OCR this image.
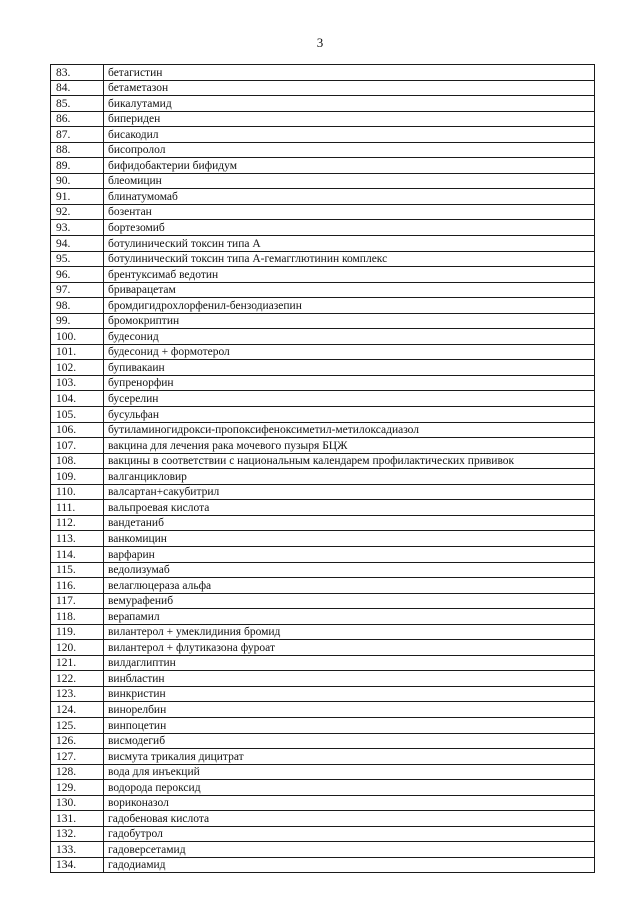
3
83.	бетагистин
84.	бетаметазон
85.	бикалутамид
86.	бипериден
87.	бисакодил
88.	бисопролол
89.	бифидобактерии бифидум
90.	блеомицин
91.	блинатумомаб
92.	бозентан
93.	бортезомиб
94.	ботулинический токсин типа А
95.	ботулинический токсин типа А-гемагглютинин комплекс
96.	брентуксимаб ведотин
97.	бриварацетам
98.	бромдигидрохлорфенил-бензодиазепин
99.	бромокриптин
100.	будесонид
101.	будесонид + формотерол
102.	бупивакаин
103.	бупренорфин
104.	бусерелин
105.	бусульфан
106.	бутиламиногидрокси-пропоксифеноксиметил-метилоксадиазол
107.	вакцина для лечения рака мочевого пузыря БЦЖ
108.	вакцины в соответствии с национальным календарем профилактических прививок
109.	валганцикловир
110.	валсартан+сакубитрил
111.	вальпроевая кислота
112.	вандетаниб
113.	ванкомицин
114.	варфарин
115.	ведолизумаб
116.	велаглюцераза альфа
117.	вемурафениб
118.	верапамил
119.	вилантерол + умеклидиния бромид
120.	вилантерол + флутиказона фуроат
121.	вилдаглиптин
122.	винбластин
123.	винкристин
124.	винорелбин
125.	винпоцетин
126.	висмодегиб
127.	висмута трикалия дицитрат
128.	вода для инъекций
129.	водорода пероксид
130.	вориконазол
131.	гадобеновая кислота
132.	гадобутрол
133.	гадоверсетамид
134.	гадодиамид
